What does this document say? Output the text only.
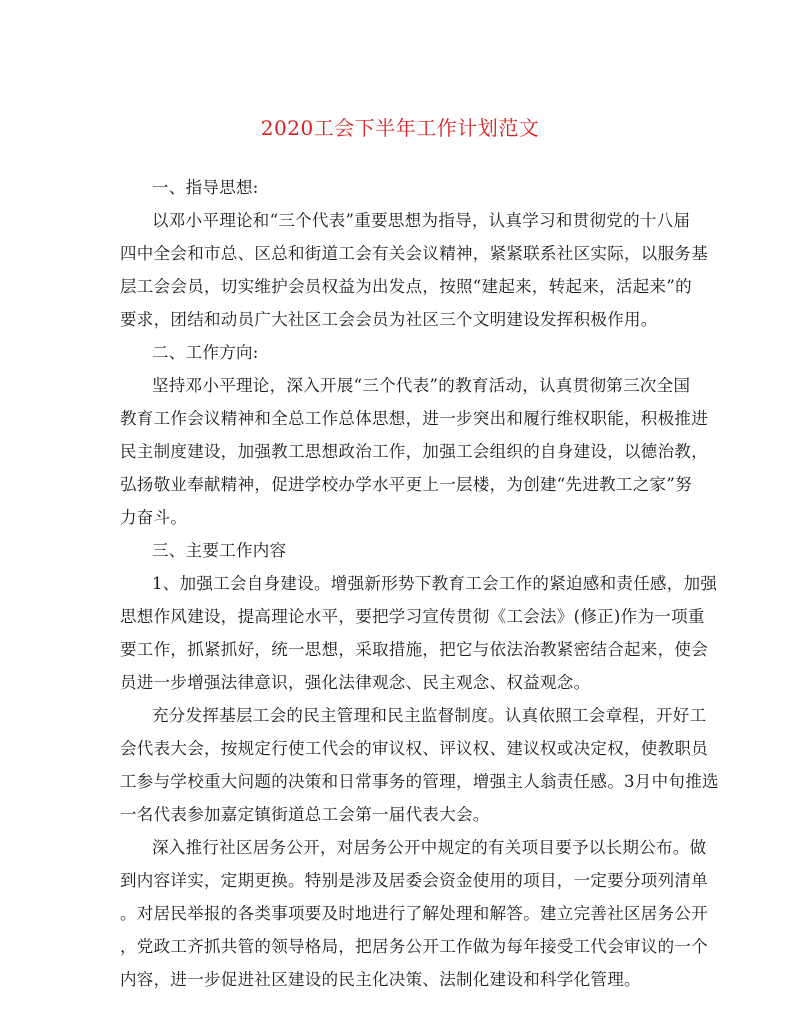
2020工会下半年工作计划范文
一、指导思想:
以邓小平理论和“三个代表”重要思想为指导，认真学习和贯彻党的十八届
四中全会和市总、区总和街道工会有关会议精神，紧紧联系社区实际，以服务基
层工会会员，切实维护会员权益为出发点，按照“建起来，转起来，活起来”的
要求，团结和动员广大社区工会会员为社区三个文明建设发挥积极作用。
二、工作方向:
坚持邓小平理论，深入开展“三个代表”的教育活动，认真贯彻第三次全国
教育工作会议精神和全总工作总体思想，进一步突出和履行维权职能，积极推进
民主制度建设，加强教工思想政治工作，加强工会组织的自身建设，以德治教，
弘扬敬业奉献精神，促进学校办学水平更上一层楼，为创建“先进教工之家”努
力奋斗。
三、主要工作内容
1、加强工会自身建设。增强新形势下教育工会工作的紧迫感和责任感，加强
思想作风建设，提高理论水平，要把学习宣传贯彻《工会法》(修正)作为一项重
要工作，抓紧抓好，统一思想，采取措施，把它与依法治教紧密结合起来，使会
员进一步增强法律意识，强化法律观念、民主观念、权益观念。
充分发挥基层工会的民主管理和民主监督制度。认真依照工会章程，开好工
会代表大会，按规定行使工代会的审议权、评议权、建议权或决定权，使教职员
工参与学校重大问题的决策和日常事务的管理，增强主人翁责任感。3月中旬推选
一名代表参加嘉定镇街道总工会第一届代表大会。
深入推行社区居务公开，对居务公开中规定的有关项目要予以长期公布。做
到内容详实，定期更换。特别是涉及居委会资金使用的项目，一定要分项列清单
。对居民举报的各类事项要及时地进行了解处理和解答。建立完善社区居务公开
，党政工齐抓共管的领导格局，把居务公开工作做为每年接受工代会审议的一个
内容，进一步促进社区建设的民主化决策、法制化建设和科学化管理。
